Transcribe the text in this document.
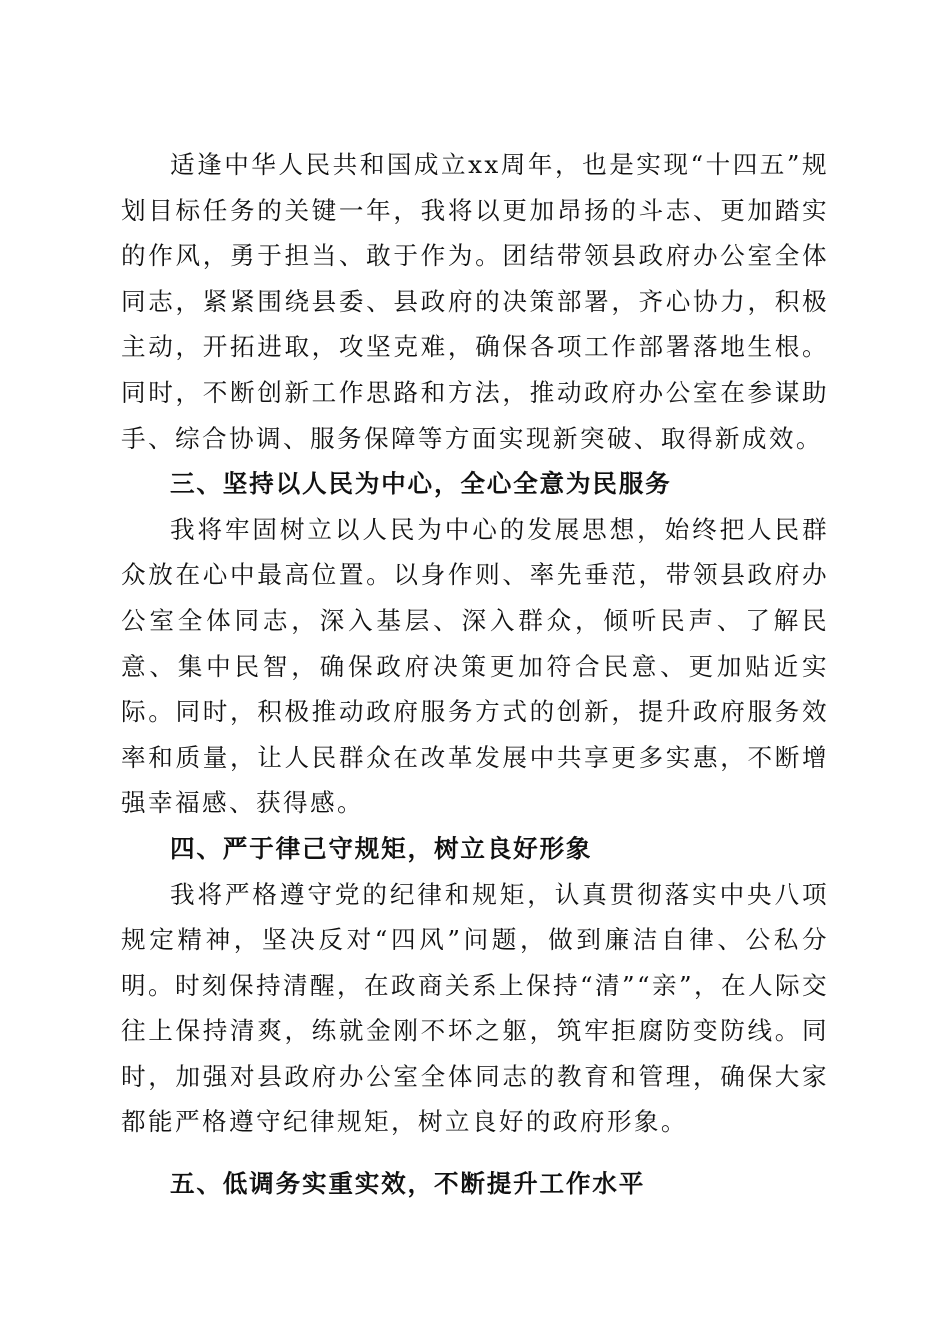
适逢中华人民共和国成立xx周年，也是实现“十四五”规划目标任务的关键一年，我将以更加昂扬的斗志、更加踏实的作风，勇于担当、敢于作为。团结带领县政府办公室全体同志，紧紧围绕县委、县政府的决策部署，齐心协力，积极主动，开拓进取，攻坚克难，确保各项工作部署落地生根。同时，不断创新工作思路和方法，推动政府办公室在参谋助手、综合协调、服务保障等方面实现新突破、取得新成效。

三、坚持以人民为中心，全心全意为民服务

我将牢固树立以人民为中心的发展思想，始终把人民群众放在心中最高位置。以身作则、率先垂范，带领县政府办公室全体同志，深入基层、深入群众，倾听民声、了解民意、集中民智，确保政府决策更加符合民意、更加贴近实际。同时，积极推动政府服务方式的创新，提升政府服务效率和质量，让人民群众在改革发展中共享更多实惠，不断增强幸福感、获得感。

四、严于律己守规矩，树立良好形象

我将严格遵守党的纪律和规矩，认真贯彻落实中央八项规定精神，坚决反对“四风”问题，做到廉洁自律、公私分明。时刻保持清醒，在政商关系上保持“清”“亲”，在人际交往上保持清爽，练就金刚不坏之躯，筑牢拒腐防变防线。同时，加强对县政府办公室全体同志的教育和管理，确保大家都能严格遵守纪律规矩，树立良好的政府形象。

五、低调务实重实效，不断提升工作水平
